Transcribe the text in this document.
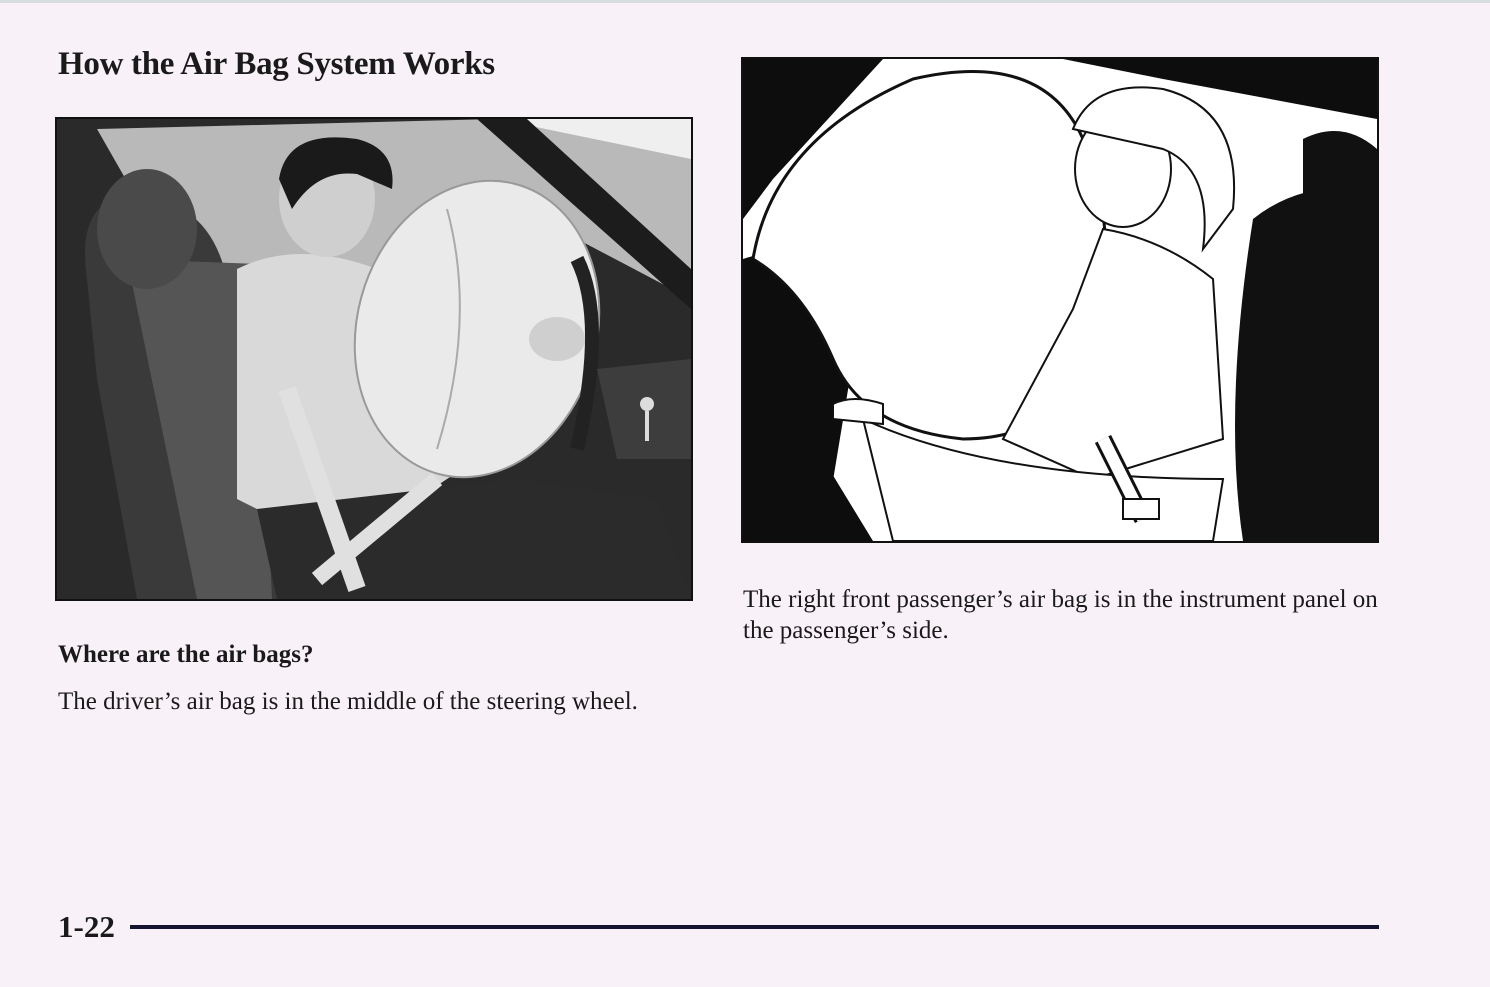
How the Air Bag System Works
Where are the air bags?

The driver’s air bag is in the middle of the steering wheel.

The right front passenger’s air bag is in the instrument panel on the passenger’s side.

1-22
